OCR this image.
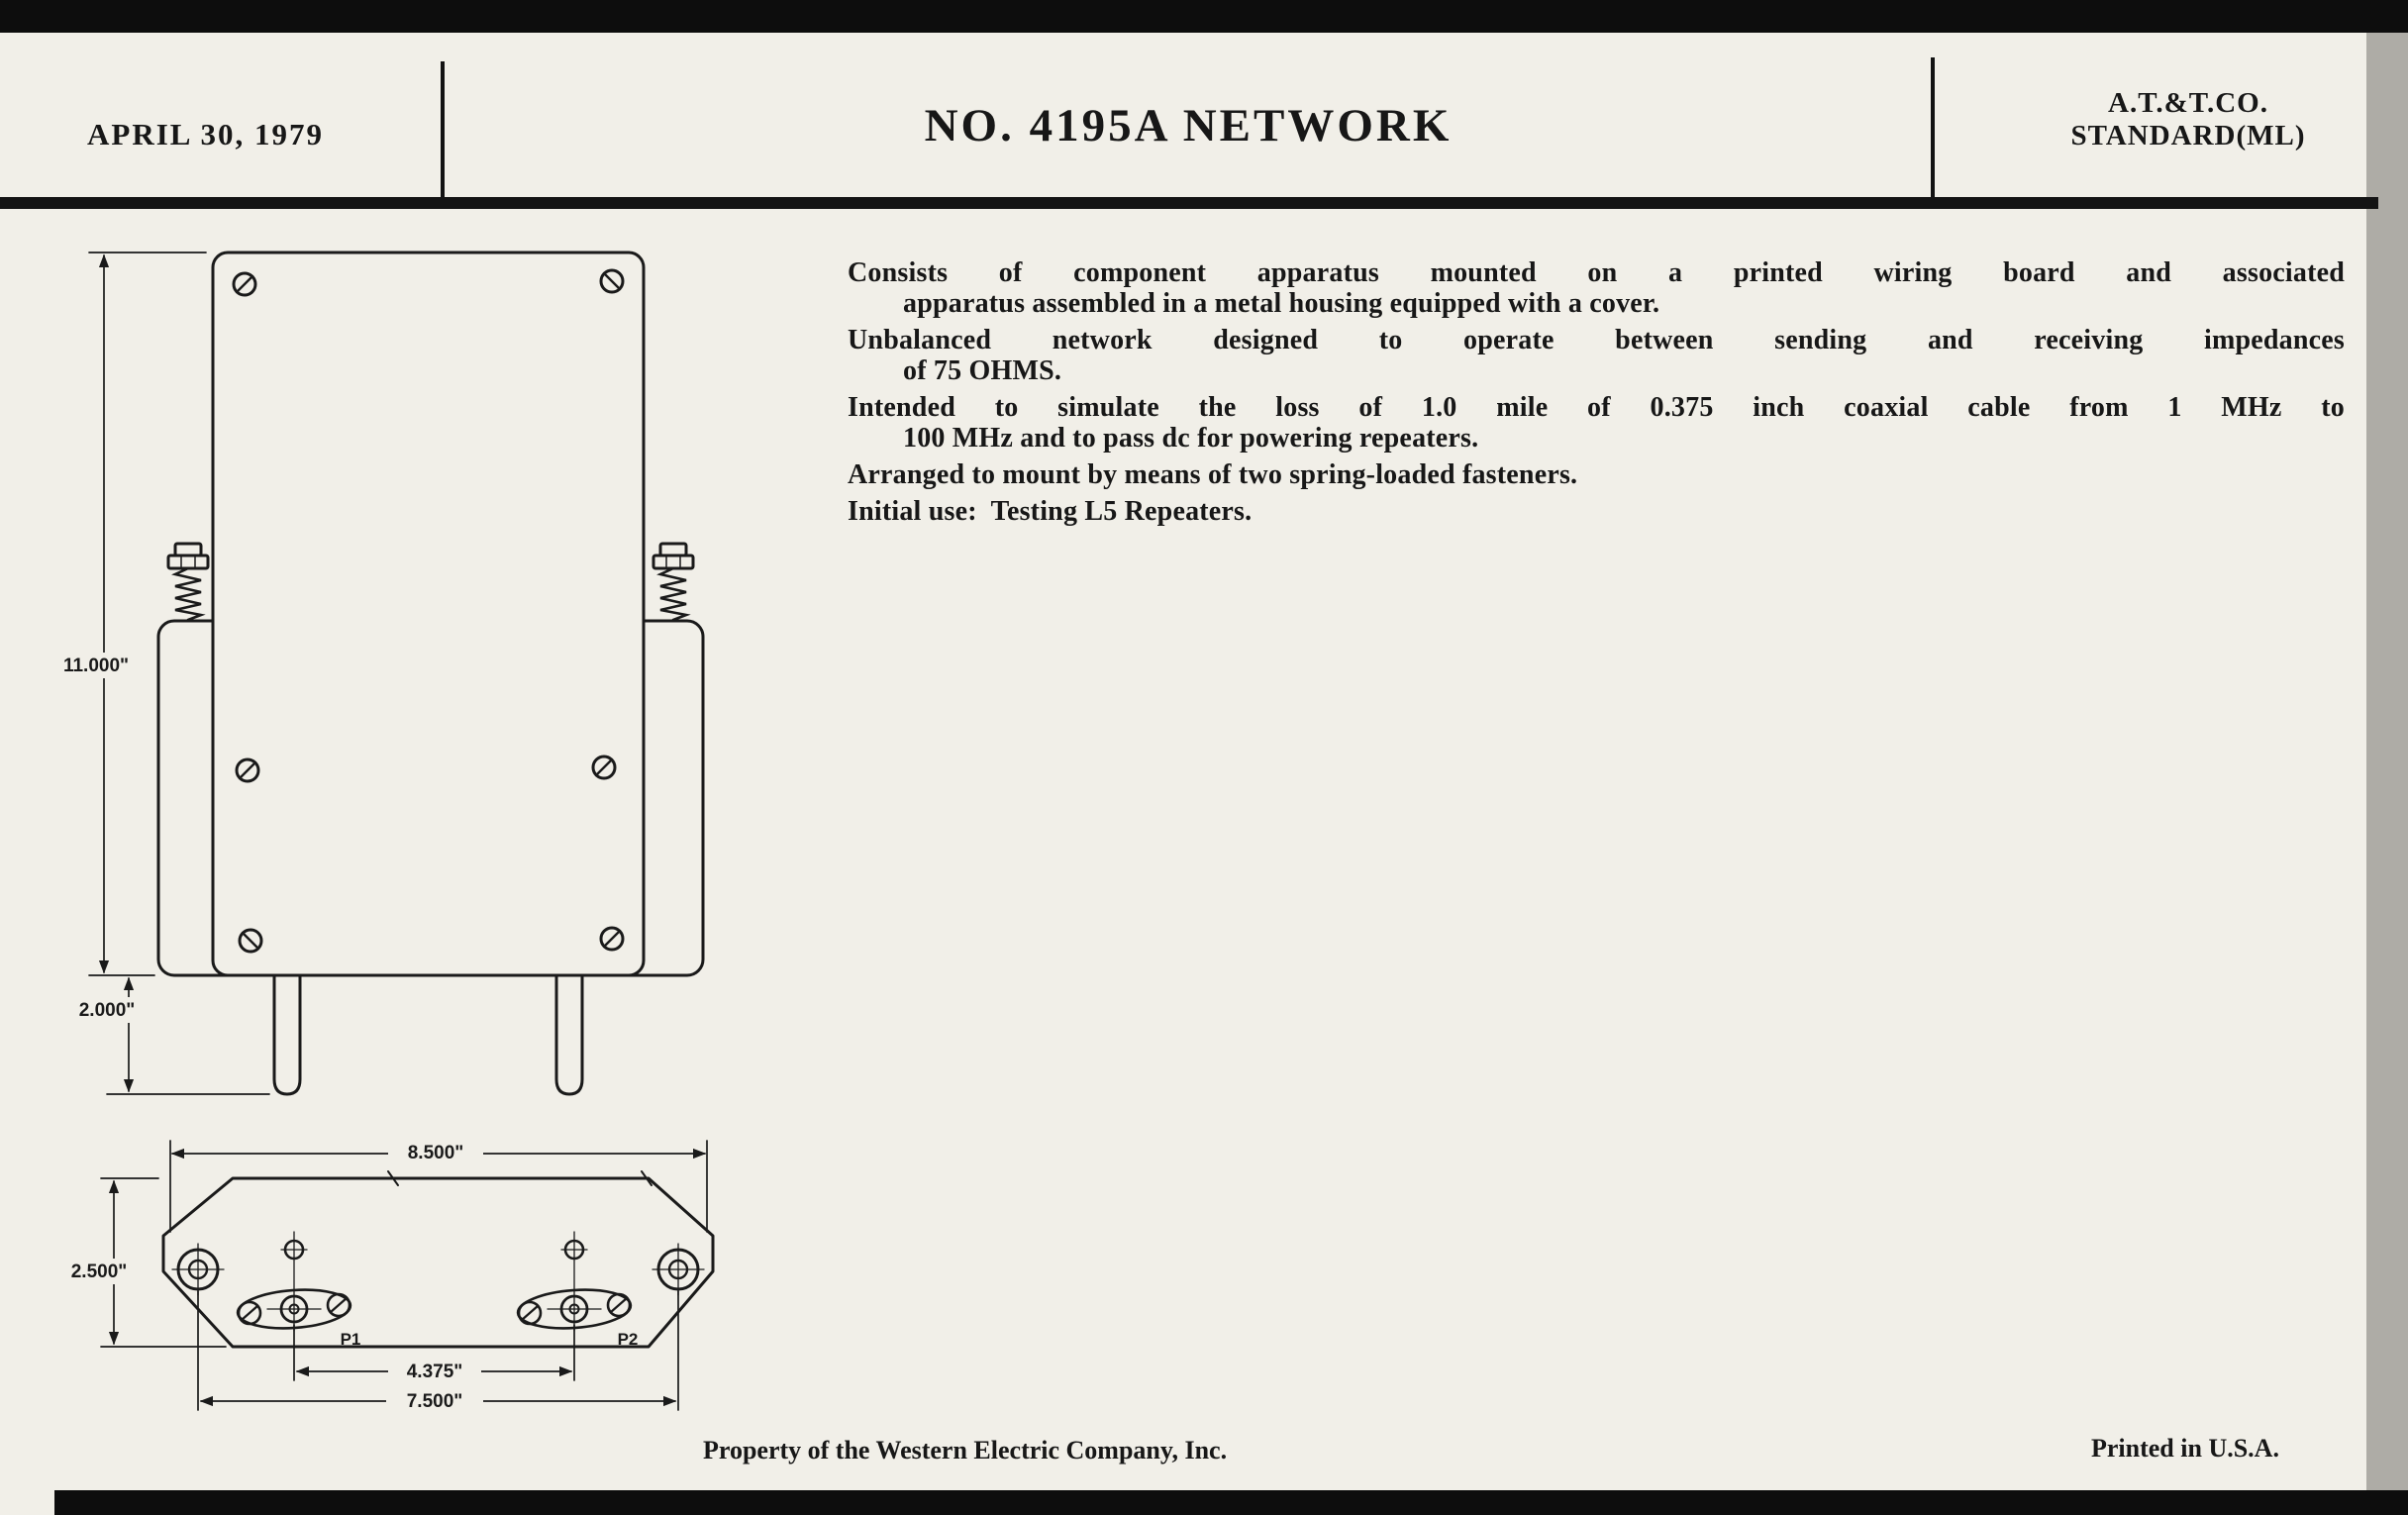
APRIL 30, 1979	NO. 4195A NETWORK	A.T.&T.CO.
STANDARD(ML)
11.000"
2.000"
P1	P2
8.500"
2.500"
4.375"
7.500"
Consists of component apparatus mounted on a printed wiring board and associated
apparatus assembled in a metal housing equipped with a cover.
Unbalanced network designed to operate between sending and receiving impedances
of 75 OHMS.
Intended to simulate the loss of 1.0 mile of 0.375 inch coaxial cable from 1 MHz to
100 MHz and to pass dc for powering repeaters.
Arranged to mount by means of two spring-loaded fasteners.
Initial use:  Testing L5 Repeaters.
Property of the Western Electric Company, Inc.	Printed in U.S.A.
